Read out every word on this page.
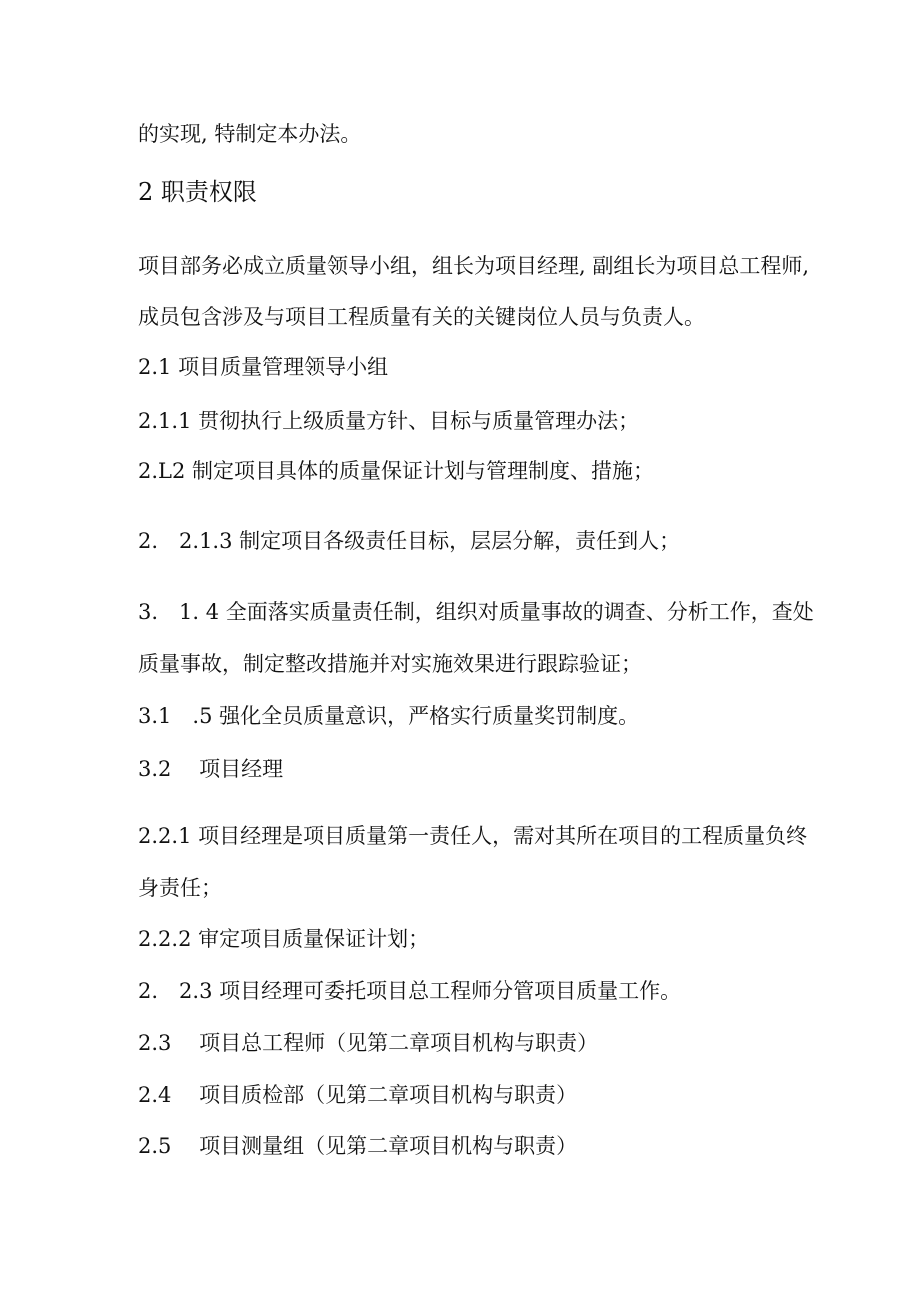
的实现, 特制定本办法。

2 职责权限

项目部务必成立质量领导小组，组长为项目经理, 副组长为项目总工程师,

成员包含涉及与项目工程质量有关的关键岗位人员与负责人。

2.1 项目质量管理领导小组

2.1.1 贯彻执行上级质量方针、目标与质量管理办法；

2.L2 制定项目具体的质量保证计划与管理制度、措施；

2.　2.1.3 制定项目各级责任目标，层层分解，责任到人；

3.　1. 4 全面落实质量责任制，组织对质量事故的调查、分析工作，查处

质量事故，制定整改措施并对实施效果进行跟踪验证；

3.1　.5 强化全员质量意识，严格实行质量奖罚制度。

3.2　 项目经理

2.2.1 项目经理是项目质量第一责任人，需对其所在项目的工程质量负终

身责任；

2.2.2 审定项目质量保证计划；

2.　2.3 项目经理可委托项目总工程师分管项目质量工作。

2.3　 项目总工程师（见第二章项目机构与职责）

2.4　 项目质检部（见第二章项目机构与职责）

2.5　 项目测量组（见第二章项目机构与职责）
